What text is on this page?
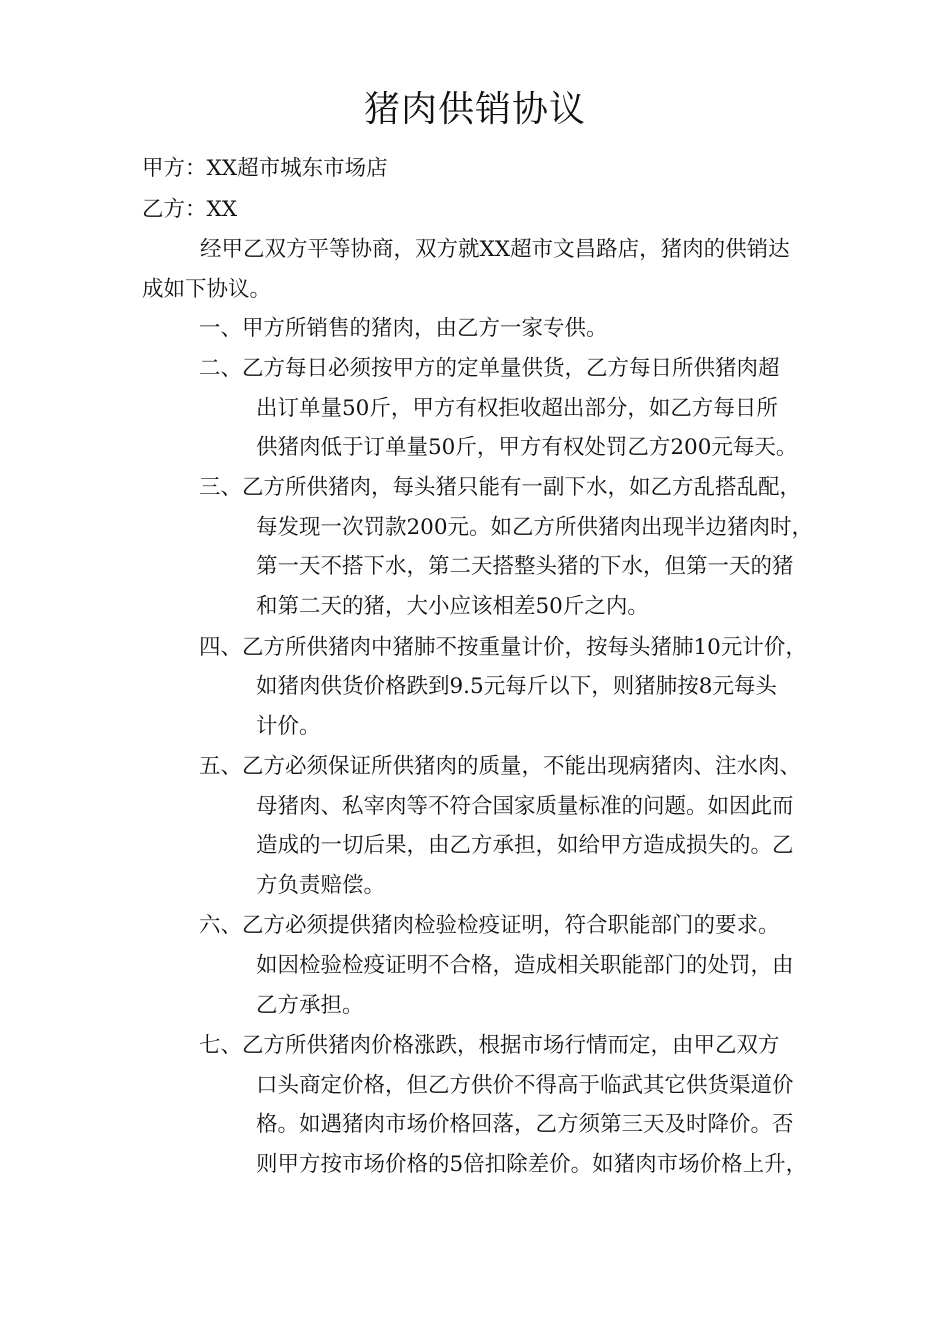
猪肉供销协议
甲方：XX超市城东市场店
乙方：XX
经甲乙双方平等协商，双方就XX超市文昌路店，猪肉的供销达
成如下协议。
一、甲方所销售的猪肉，由乙方一家专供。
二、乙方每日必须按甲方的定单量供货，乙方每日所供猪肉超
出订单量50斤，甲方有权拒收超出部分，如乙方每日所
供猪肉低于订单量50斤，甲方有权处罚乙方200元每天。
三、乙方所供猪肉，每头猪只能有一副下水，如乙方乱搭乱配，
每发现一次罚款200元。如乙方所供猪肉出现半边猪肉时，
第一天不搭下水，第二天搭整头猪的下水，但第一天的猪
和第二天的猪，大小应该相差50斤之内。
四、乙方所供猪肉中猪肺不按重量计价，按每头猪肺10元计价，
如猪肉供货价格跌到9.5元每斤以下，则猪肺按8元每头
计价。
五、乙方必须保证所供猪肉的质量，不能出现病猪肉、注水肉、
母猪肉、私宰肉等不符合国家质量标准的问题。如因此而
造成的一切后果，由乙方承担，如给甲方造成损失的。乙
方负责赔偿。
六、乙方必须提供猪肉检验检疫证明，符合职能部门的要求。
如因检验检疫证明不合格，造成相关职能部门的处罚，由
乙方承担。
七、乙方所供猪肉价格涨跌，根据市场行情而定，由甲乙双方
口头商定价格，但乙方供价不得高于临武其它供货渠道价
格。如遇猪肉市场价格回落，乙方须第三天及时降价。否
则甲方按市场价格的5倍扣除差价。如猪肉市场价格上升，
